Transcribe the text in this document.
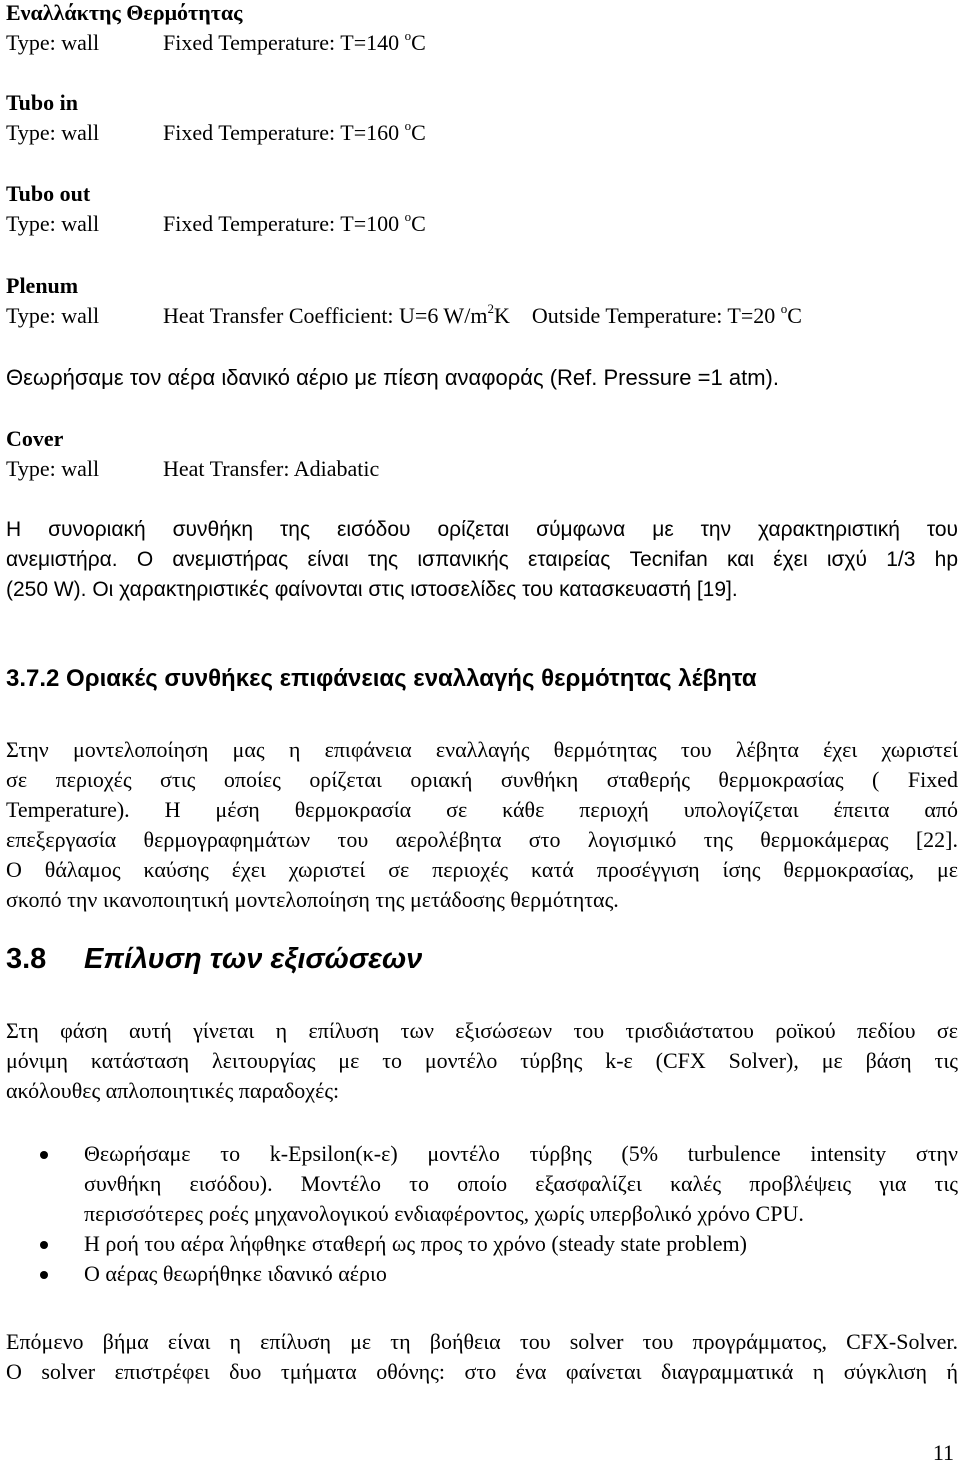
Εναλλάκτης Θερμότητας
Type: wall	Fixed Temperature: T=140 $^o$C
Tubo in
Type: wall	Fixed Temperature: T=160 $^o$C
Tubo out
Type: wall	Fixed Temperature: T=100 $^o$C
Plenum
Type: wall	Heat Transfer Coefficient: U=6 $W/m^2K$    Outside Temperature: T=20 $^o$C

Θεωρήσαμε τον αέρα ιδανικό αέριο με πίεση αναφοράς (Ref. Pressure =1 atm).

Cover
Type: wall	Heat Transfer: Adiabatic
Η συνοριακή συνθήκη της εισόδου ορίζεται σύμφωνα με την χαρακτηριστική του
ανεμιστήρα. Ο ανεμιστήρας είναι της ισπανικής εταιρείας Tecnifan και έχει ισχύ 1/3 hp
(250 W). Οι χαρακτηριστικές φαίνονται στις ιστοσελίδες του κατασκευαστή [19].
3.7.2 Οριακές συνθήκες επιφάνειας εναλλαγής θερμότητας λέβητα
Στην μοντελοποίηση μας η επιφάνεια εναλλαγής θερμότητας του λέβητα έχει χωριστεί
σε περιοχές στις οποίες ορίζεται οριακή συνθήκη σταθερής θερμοκρασίας ( Fixed
Temperature). Η μέση θερμοκρασία σε κάθε περιοχή υπολογίζεται έπειτα από
επεξεργασία θερμογραφημάτων του αερολέβητα στο λογισμικό της θερμοκάμερας [22].
Ο θάλαμος καύσης έχει χωριστεί σε περιοχές κατά προσέγγιση ίσης θερμοκρασίας, με
σκοπό την ικανοποιητική μοντελοποίηση της μετάδοσης θερμότητας.
3.8 Επίλυση των εξισώσεων
Στη φάση αυτή γίνεται η επίλυση των εξισώσεων του τρισδιάστατου ροϊκού πεδίου σε
μόνιμη κατάσταση λειτουργίας με το μοντέλο τύρβης k-ε (CFX Solver), με βάση τις
ακόλουθες απλοποιητικές παραδοχές:
Θεωρήσαμε το k-Epsilon(κ-ε) μοντέλο τύρβης (5% turbulence intensity στην
συνθήκη εισόδου). Μοντέλο το οποίο εξασφαλίζει καλές προβλέψεις για τις
περισσότερες ροές μηχανολογικού ενδιαφέροντος, χωρίς υπερβολικό χρόνο CPU.
Η ροή του αέρα λήφθηκε σταθερή ως προς το χρόνο (steady state problem)
Ο αέρας θεωρήθηκε ιδανικό αέριο
Επόμενο βήμα είναι η επίλυση με τη βοήθεια του solver του προγράμματος, CFX-Solver.
O solver επιστρέφει δυο τμήματα οθόνης: στο ένα φαίνεται διαγραμματικά η σύγκλιση ή
11
